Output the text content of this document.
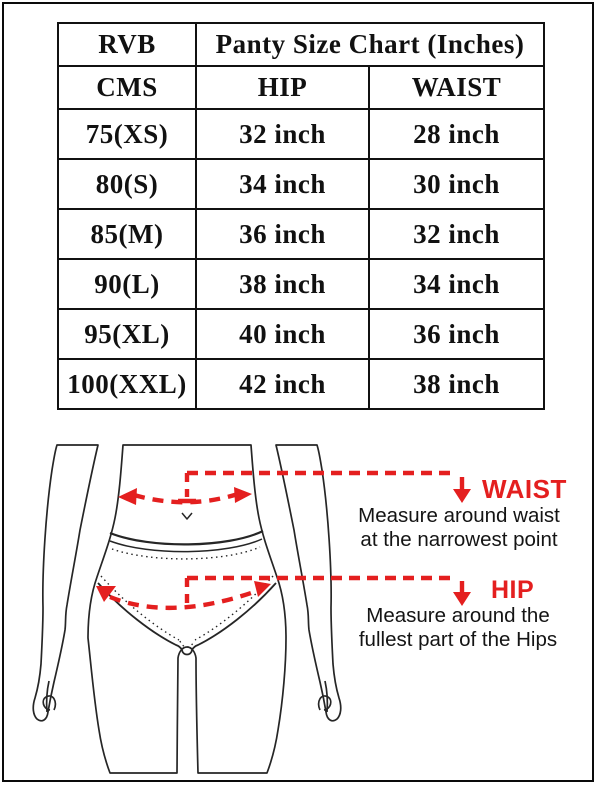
RVB	Panty Size Chart (Inches)	
CMS	HIP	WAIST
75(XS)	32 inch	28 inch
80(S)	34 inch	30 inch
85(M)	36 inch	32 inch
90(L)	38 inch	34 inch
95(XL)	40 inch	36 inch
100(XXL)	42 inch	38 inch
WAIST
Measure around waist
at the narrowest point
HIP
Measure around the
fullest part of the Hips
